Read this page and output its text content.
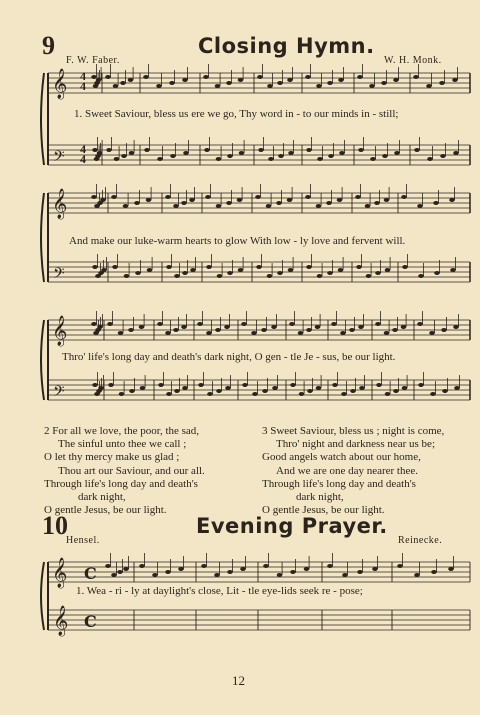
9	Closing Hymn.
F. W. Faber.	W. H. Monk.
𝄞
𝄢
𝄞
𝄢
𝄞
𝄢
𝄞
𝄞
C
C
4
4
4
4
1. Sweet Saviour, bless us ere we go, Thy word in - to our minds in - still;
And make our luke-warm hearts to glow With low - ly love and fervent will.
Thro' life's long day and death's dark night, O gen - tle Je - sus, be our light.
2 For all we love, the poor, the sad,
The sinful unto thee we call ;
O let thy mercy make us glad ;
Thou art our Saviour, and our all.
Through life's long day and death's
dark night,
O gentle Jesus, be our light.
3 Sweet Saviour, bless us ; night is come,
Thro' night and darkness near us be;
Good angels watch about our home,
And we are one day nearer thee.
Through life's long day and death's
dark night,
O gentle Jesus, be our light.
10	Evening Prayer.
Hensel.	Reinecke.
1. Wea - ri - ly at daylight's close, Lit - tle eye-lids seek re - pose;
12
